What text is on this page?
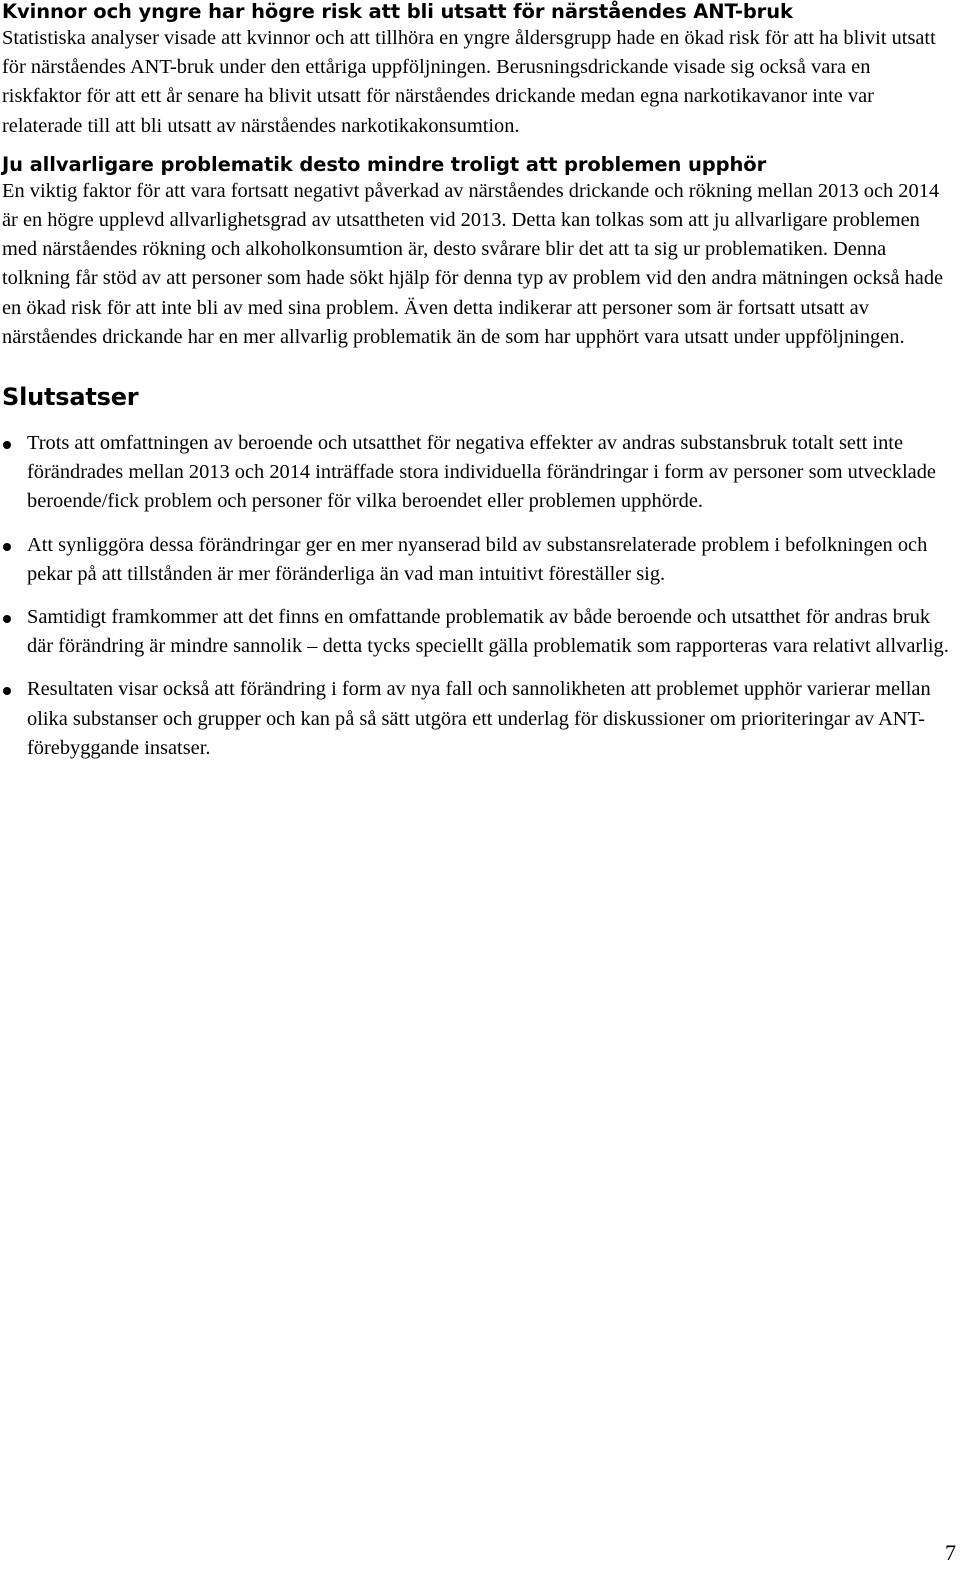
Kvinnor och yngre har högre risk att bli utsatt för närståendes ANT-bruk

Statistiska analyser visade att kvinnor och att tillhöra en yngre åldersgrupp hade en ökad risk för att ha blivit utsatt för närståendes ANT-bruk under den ettåriga uppföljningen. Berusningsdrickande visade sig också vara en riskfaktor för att ett år senare ha blivit utsatt för närståendes drickande medan egna narkotikavanor inte var relaterade till att bli utsatt av närståendes narkotikakonsumtion.

Ju allvarligare problematik desto mindre troligt att problemen upphör

En viktig faktor för att vara fortsatt negativt påverkad av närståendes drickande och rökning mellan 2013 och 2014 är en högre upplevd allvarlighetsgrad av utsattheten vid 2013. Detta kan tolkas som att ju allvarligare problemen med närståendes rökning och alkoholkonsumtion är, desto svårare blir det att ta sig ur problematiken. Denna tolkning får stöd av att personer som hade sökt hjälp för denna typ av problem vid den andra mätningen också hade en ökad risk för att inte bli av med sina problem. Även detta indikerar att personer som är fortsatt utsatt av närståendes drickande har en mer allvarlig problematik än de som har upphört vara utsatt under uppföljningen.

Slutsatser
Trots att omfattningen av beroende och utsatthet för negativa effekter av andras substansbruk totalt sett inte förändrades mellan 2013 och 2014 inträffade stora individuella förändringar i form av personer som utvecklade beroende/fick problem och personer för vilka beroendet eller problemen upphörde.
Att synliggöra dessa förändringar ger en mer nyanserad bild av substansrelaterade problem i befolkningen och pekar på att tillstånden är mer föränderliga än vad man intuitivt föreställer sig.
Samtidigt framkommer att det finns en omfattande problematik av både beroende och utsatthet för andras bruk där förändring är mindre sannolik – detta tycks speciellt gälla problematik som rapporteras vara relativt allvarlig.
Resultaten visar också att förändring i form av nya fall och sannolikheten att problemet upphör varierar mellan olika substanser och grupper och kan på så sätt utgöra ett underlag för diskussioner om prioriteringar av ANT-förebyggande insatser.
7
